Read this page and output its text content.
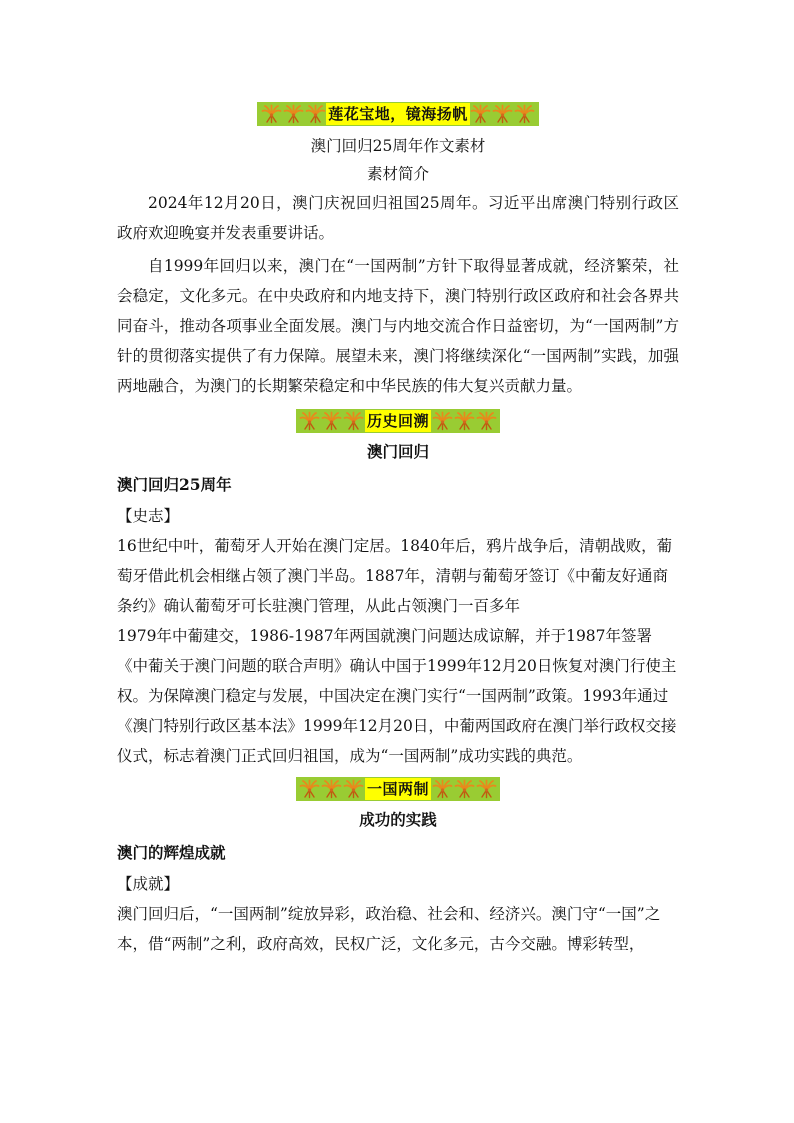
莲花宝地，镜海扬帆
澳门回归25周年作文素材
素材简介

2024年12月20日，澳门庆祝回归祖国25周年。习近平出席澳门特别行政区政府欢迎晚宴并发表重要讲话。

自1999年回归以来，澳门在“一国两制”方针下取得显著成就，经济繁荣，社会稳定，文化多元。在中央政府和内地支持下，澳门特别行政区政府和社会各界共同奋斗，推动各项事业全面发展。澳门与内地交流合作日益密切，为“一国两制”方针的贯彻落实提供了有力保障。展望未来，澳门将继续深化“一国两制”实践，加强两地融合，为澳门的长期繁荣稳定和中华民族的伟大复兴贡献力量。

历史回溯
澳门回归
澳门回归25周年
【史志】

16世纪中叶，葡萄牙人开始在澳门定居。1840年后，鸦片战争后，清朝战败，葡萄牙借此机会相继占领了澳门半岛。1887年，清朝与葡萄牙签订《中葡友好通商条约》确认葡萄牙可长驻澳门管理，从此占领澳门一百多年

1979年中葡建交，1986-1987年两国就澳门问题达成谅解，并于1987年签署《中葡关于澳门问题的联合声明》确认中国于1999年12月20日恢复对澳门行使主权。为保障澳门稳定与发展，中国决定在澳门实行“一国两制”政策。1993年通过《澳门特别行政区基本法》1999年12月20日，中葡两国政府在澳门举行政权交接仪式，标志着澳门正式回归祖国，成为“一国两制”成功实践的典范。

一国两制
成功的实践
澳门的辉煌成就
【成就】

澳门回归后，“一国两制”绽放异彩，政治稳、社会和、经济兴。澳门守“一国”之本，借“两制”之利，政府高效，民权广泛，文化多元，古今交融。博彩转型，
